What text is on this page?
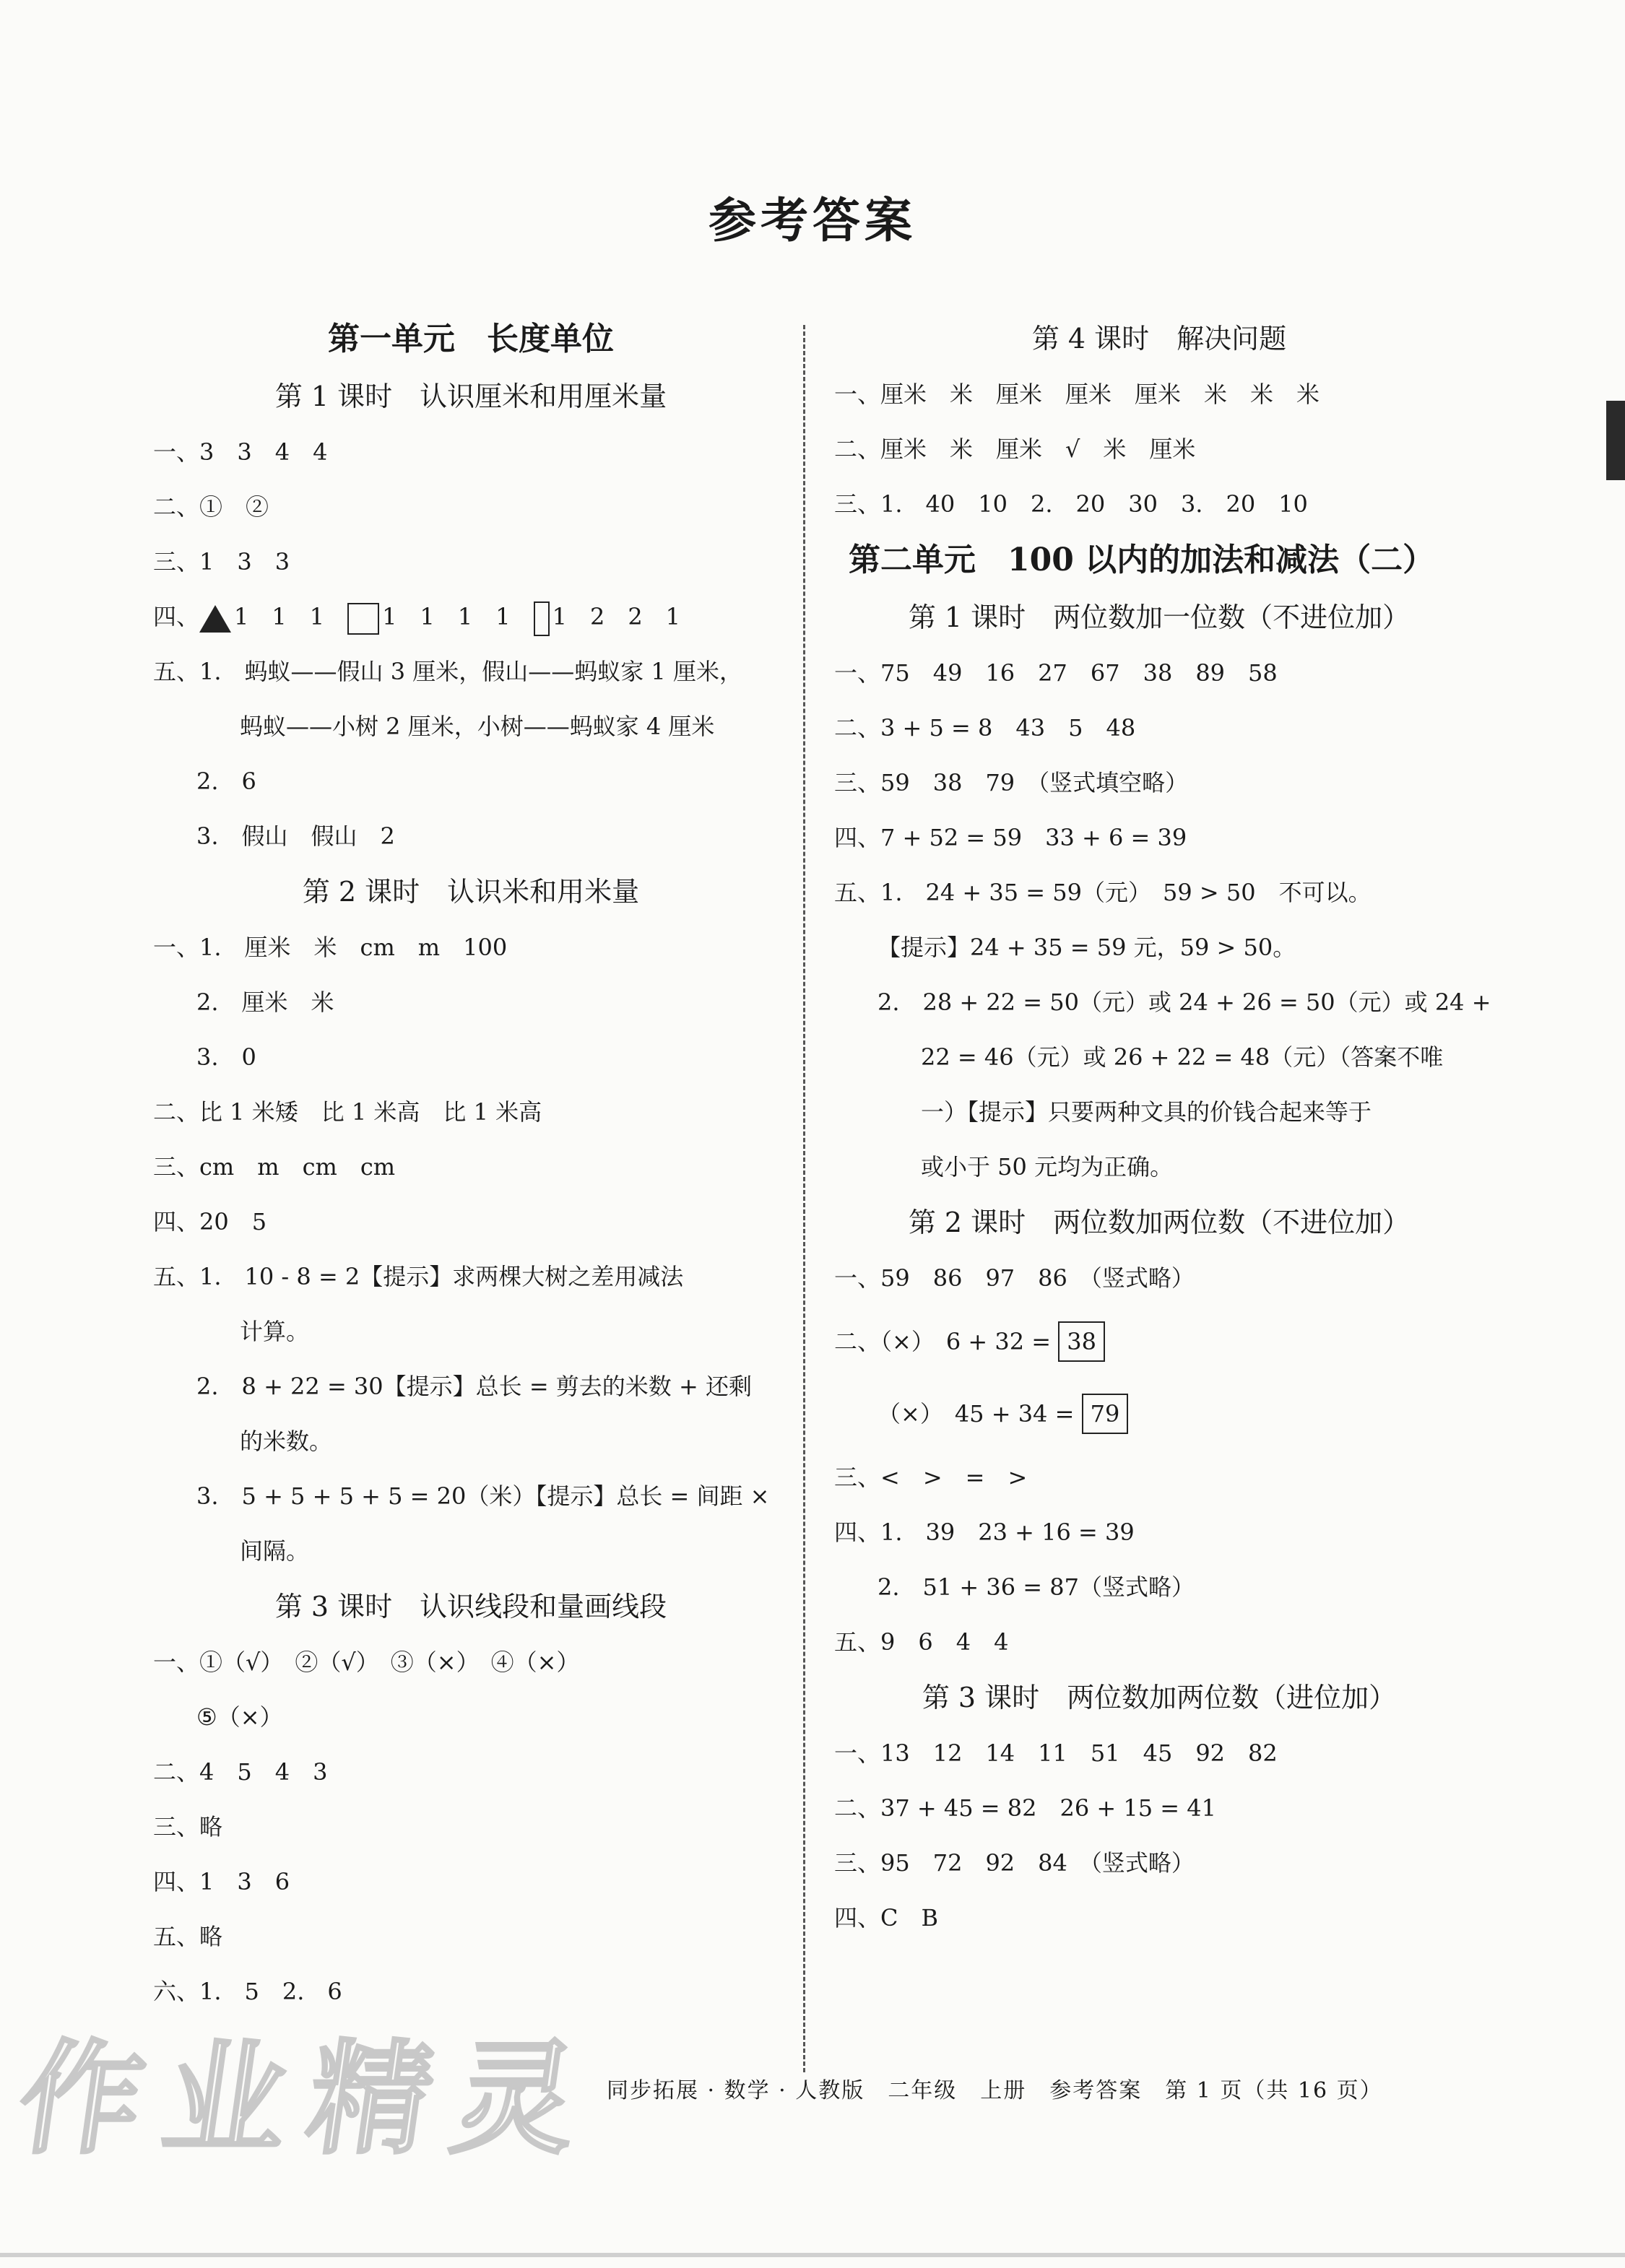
参考答案
第一单元　长度单位
第 1 课时　认识厘米和用厘米量
一、3　3　4　4
二、①　②
三、1　3　3
四、 1　1　1　	1　1　1　1　 1　2　2　1
五、1.　蚂蚁——假山 3 厘米，假山——蚂蚁家 1 厘米，
蚂蚁——小树 2 厘米，小树——蚂蚁家 4 厘米
2.　6
3.　假山　假山　2
第 2 课时　认识米和用米量
一、1.　厘米　米　cm　m　100
2.　厘米　米
3.　0
二、比 1 米矮　比 1 米高　比 1 米高
三、cm　m　cm　cm
四、20　5
五、1.　10 - 8 = 2【提示】求两棵大树之差用减法
计算。
2.　8 + 22 = 30【提示】总长 = 剪去的米数 + 还剩
的米数。
3.　5 + 5 + 5 + 5 = 20（米）【提示】总长 = 间距 ×
间隔。
第 3 课时　认识线段和量画线段
一、①（√）　②（√）　③（×）　④（×）
⑤（×）
二、4　5　4　3
三、略
四、1　3　6
五、略
六、1.　5　2.　6
第 4 课时　解决问题
一、厘米　米　厘米　厘米　厘米　米　米　米
二、厘米　米　厘米　√　米　厘米
三、1.　40　10　2.　20　30　3.　20　10
第二单元　100 以内的加法和减法（二）
第 1 课时　两位数加一位数（不进位加）
一、75　49　16　27　67　38　89　58
二、3 + 5 = 8　43　5　48
三、59　38　79　（竖式填空略）
四、7 + 52 = 59　33 + 6 = 39
五、1.　24 + 35 = 59（元）　59 > 50　不可以。
【提示】24 + 35 = 59 元，59 > 50。
2.　28 + 22 = 50（元）或 24 + 26 = 50（元）或 24 +
22 = 46（元）或 26 + 22 = 48（元）（答案不唯
一）【提示】只要两种文具的价钱合起来等于
或小于 50 元均为正确。
第 2 课时　两位数加两位数（不进位加）
一、59　86　97　86　（竖式略）
二、（×）　6 + 32 = 38
（×）　45 + 34 = 79
三、<　>　=　>
四、1.　39　23 + 16 = 39
2.　51 + 36 = 87（竖式略）
五、9　6　4　4
第 3 课时　两位数加两位数（进位加）
一、13　12　14　11　51　45　92　82
二、37 + 45 = 82　26 + 15 = 41
三、95　72　92　84　（竖式略）
四、C　B
作业精灵
同步拓展 · 数学 · 人教版　二年级　上册　参考答案　第 1 页（共 16 页）
